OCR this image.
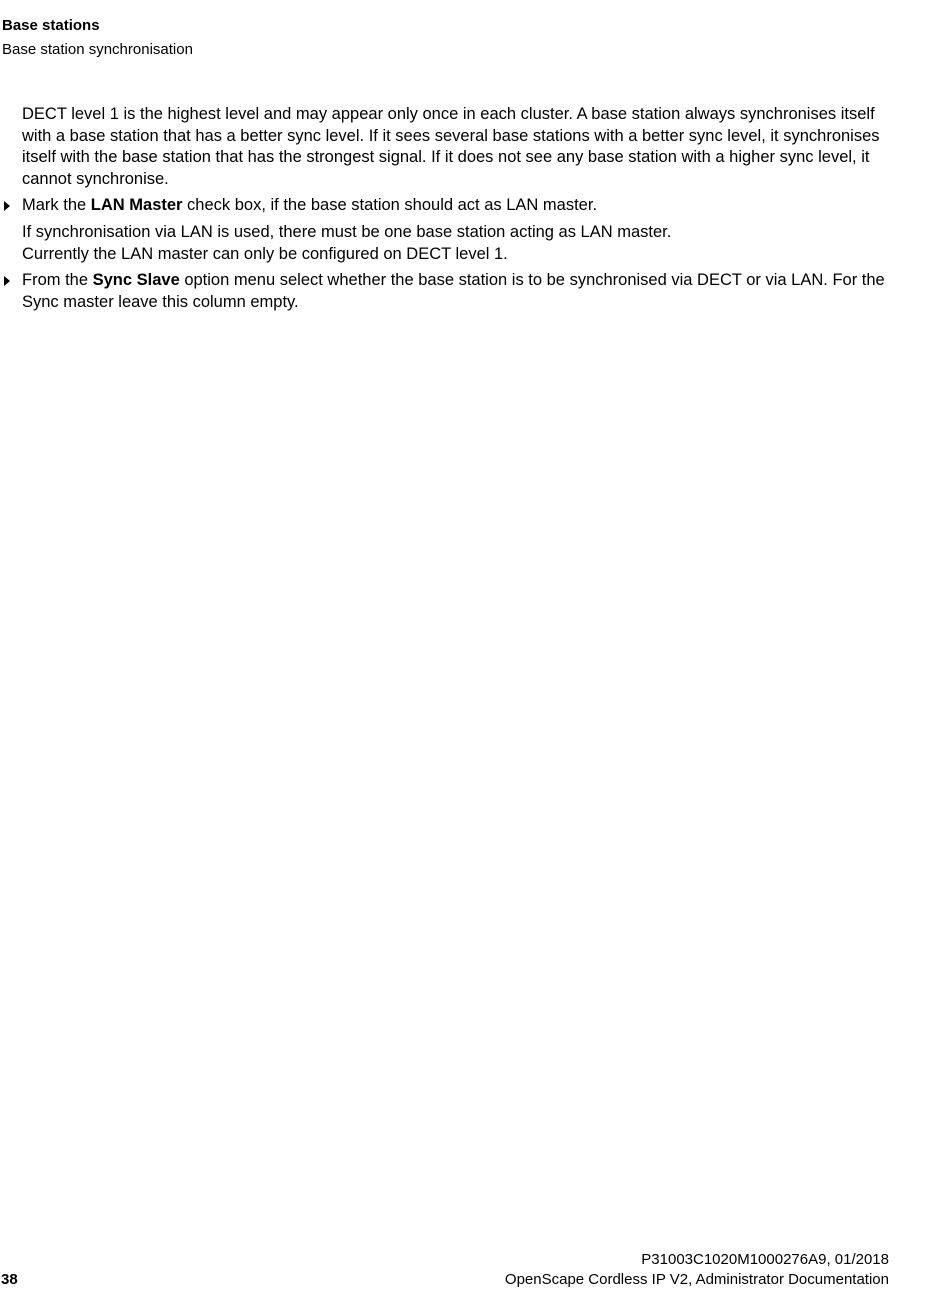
Base stations
Base station synchronisation

DECT level 1 is the highest level and may appear only once in each cluster. A base station always synchronises itself with a base station that has a better sync level. If it sees several base stations with a better sync level, it synchronises itself with the base station that has the strongest signal. If it does not see any base station with a higher sync level, it cannot synchronise.

Mark the LAN Master check box, if the base station should act as LAN master.
If synchronisation via LAN is used, there must be one base station acting as LAN master.
Currently the LAN master can only be configured on DECT level 1.
From the Sync Slave option menu select whether the base station is to be synchronised via DECT or via LAN. For the Sync master leave this column empty.
38
P31003C1020M1000276A9, 01/2018
OpenScape Cordless IP V2, Administrator Documentation
